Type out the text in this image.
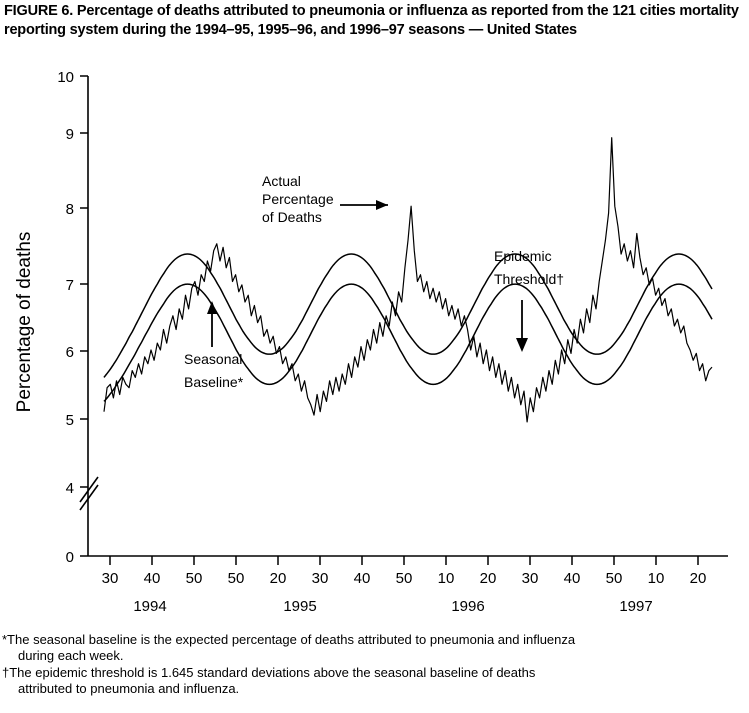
FIGURE 6. Percentage of deaths attributed to pneumonia or influenza as reported from the 121 cities mortality reporting system during the 1994–95, 1995–96, and 1996–97 seasons — United States
10
9
8
7
6
5
4
0
Percentage of deaths
30 40 50 50 20 30 40 50 10 20 30 40 50 10 20
1994	1995	1996	1997
Actual
Percentage
of Deaths
Seasonal
Baseline*
Epidemic
Threshold†
*The seasonal baseline is the expected percentage of deaths attributed to pneumonia and influenza
during each week.
†The epidemic threshold is 1.645 standard deviations above the seasonal baseline of deaths
attributed to pneumonia and influenza.
